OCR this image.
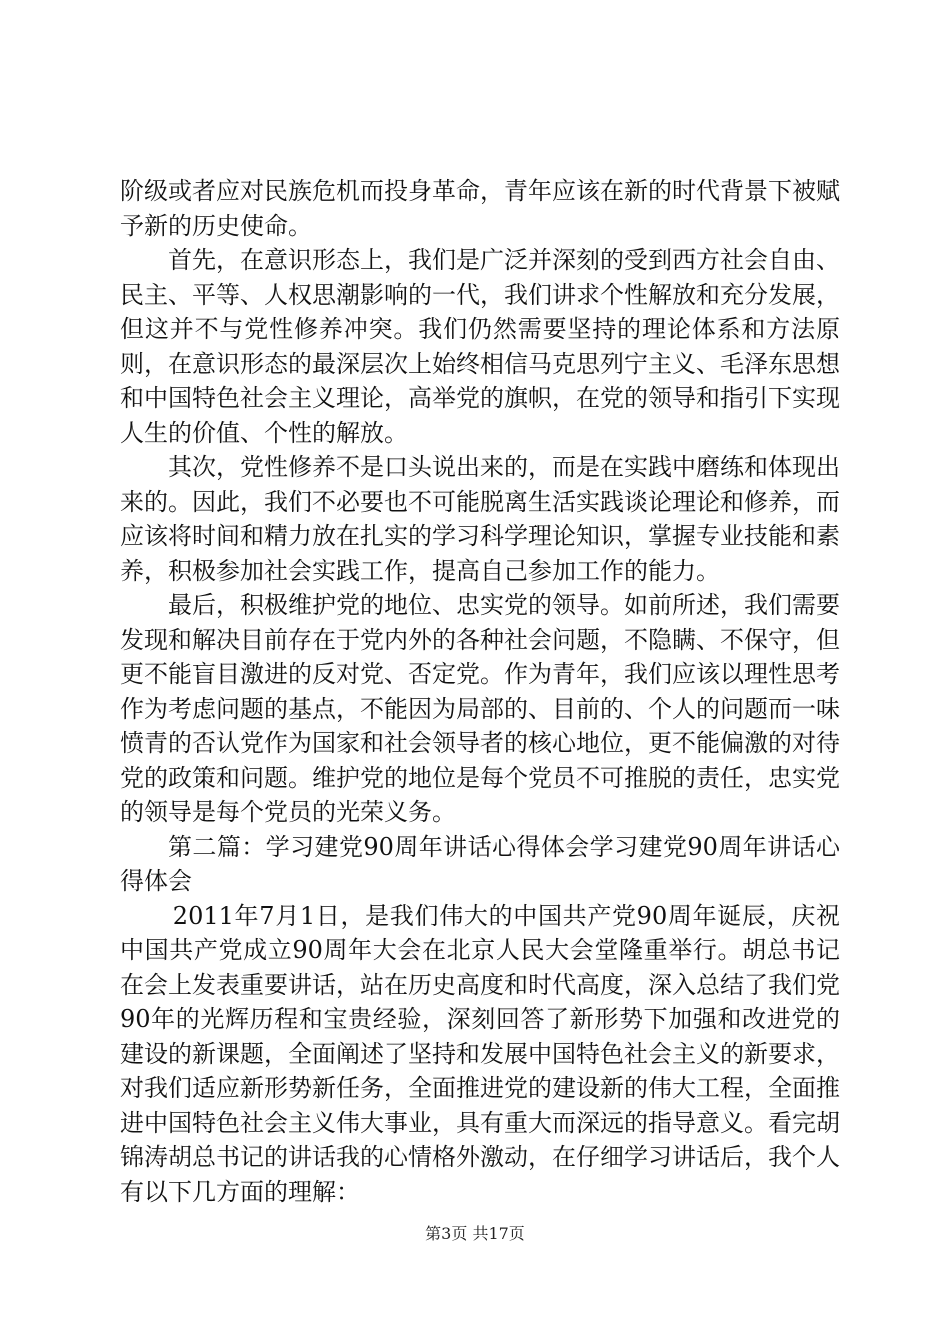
阶级或者应对民族危机而投身革命，青年应该在新的时代背景下被赋予新的历史使命。

首先，在意识形态上，我们是广泛并深刻的受到西方社会自由、民主、平等、人权思潮影响的一代，我们讲求个性解放和充分发展，但这并不与党性修养冲突。我们仍然需要坚持的理论体系和方法原则，在意识形态的最深层次上始终相信马克思列宁主义、毛泽东思想和中国特色社会主义理论，高举党的旗帜，在党的领导和指引下实现人生的价值、个性的解放。

其次，党性修养不是口头说出来的，而是在实践中磨练和体现出来的。因此，我们不必要也不可能脱离生活实践谈论理论和修养，而应该将时间和精力放在扎实的学习科学理论知识，掌握专业技能和素养，积极参加社会实践工作，提高自己参加工作的能力。

最后，积极维护党的地位、忠实党的领导。如前所述，我们需要发现和解决目前存在于党内外的各种社会问题，不隐瞒、不保守，但更不能盲目激进的反对党、否定党。作为青年，我们应该以理性思考作为考虑问题的基点，不能因为局部的、目前的、个人的问题而一味愤青的否认党作为国家和社会领导者的核心地位，更不能偏激的对待党的政策和问题。维护党的地位是每个党员不可推脱的责任，忠实党的领导是每个党员的光荣义务。

第二篇：学习建党90周年讲话心得体会学习建党90周年讲话心得体会

2011年7月1日，是我们伟大的中国共产党90周年诞辰，庆祝中国共产党成立90周年大会在北京人民大会堂隆重举行。胡总书记在会上发表重要讲话，站在历史高度和时代高度，深入总结了我们党90年的光辉历程和宝贵经验，深刻回答了新形势下加强和改进党的建设的新课题，全面阐述了坚持和发展中国特色社会主义的新要求，对我们适应新形势新任务，全面推进党的建设新的伟大工程，全面推进中国特色社会主义伟大事业，具有重大而深远的指导意义。看完胡锦涛胡总书记的讲话我的心情格外激动，在仔细学习讲话后，我个人有以下几方面的理解：

第3页 共17页
